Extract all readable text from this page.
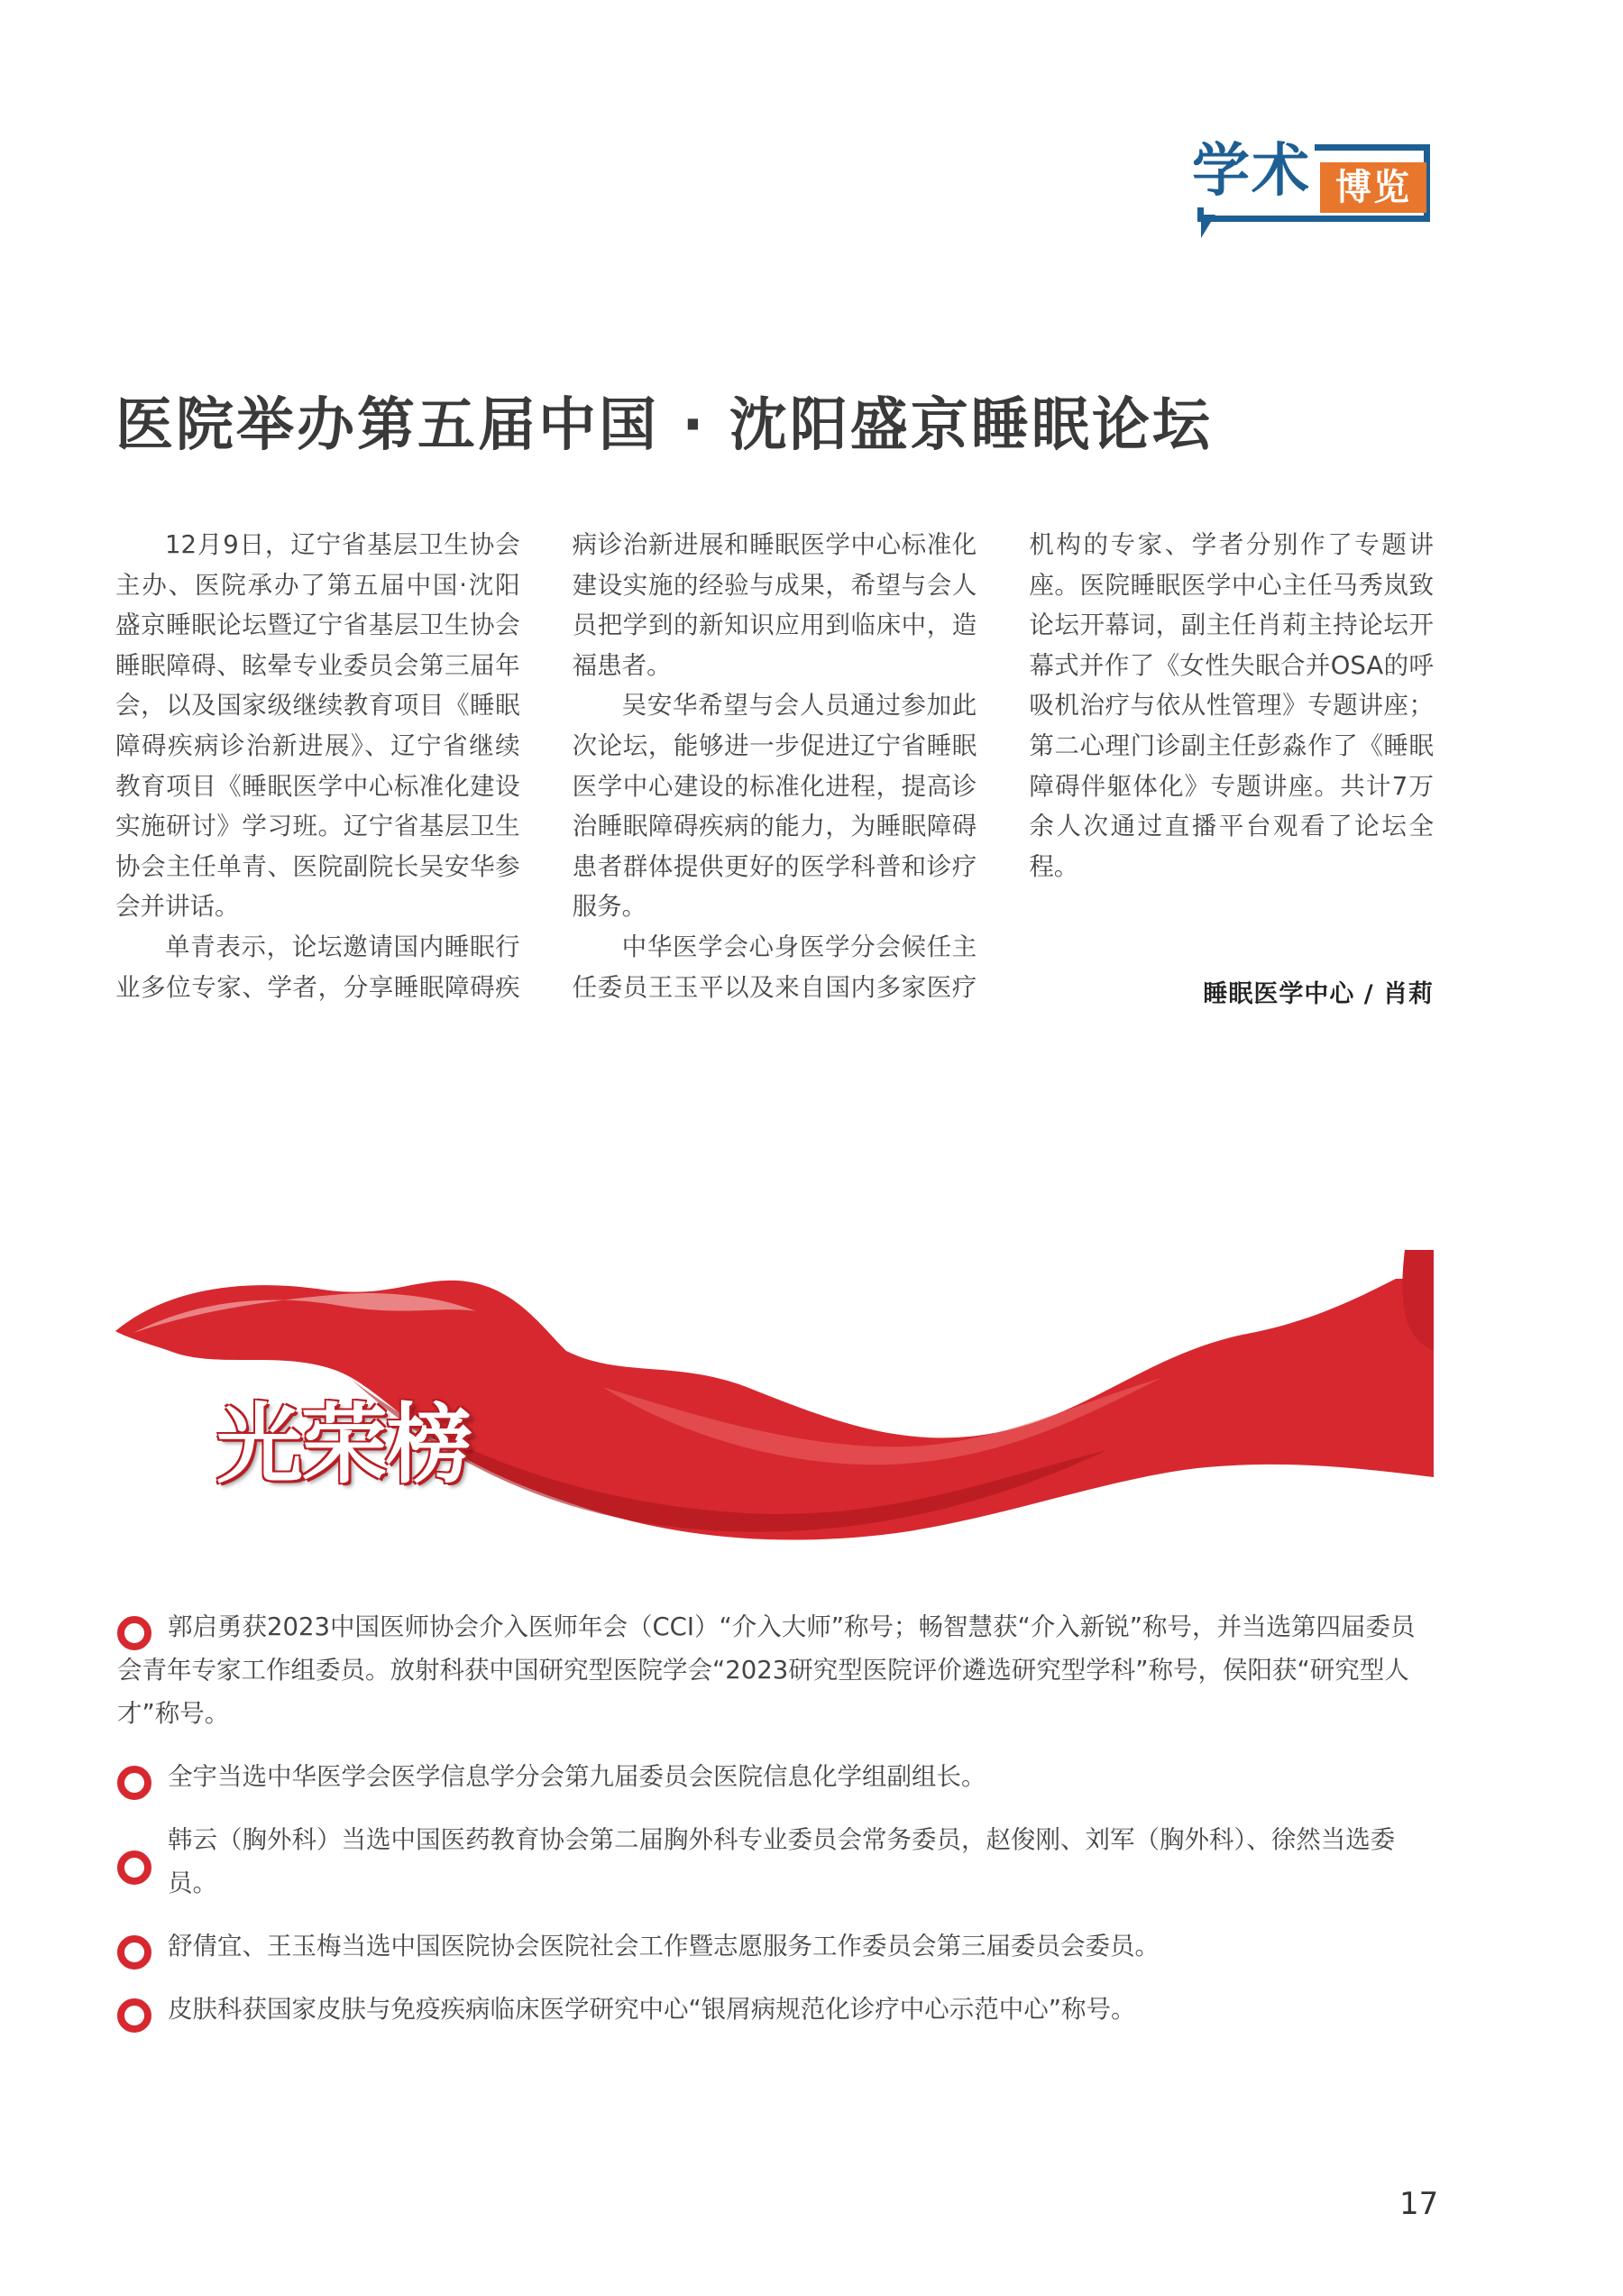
学术 博览
医院举办第五届中国 · 沈阳盛京睡眠论坛

12月9日，辽宁省基层卫生协会主办、医院承办了第五届中国·沈阳盛京睡眠论坛暨辽宁省基层卫生协会睡眠障碍、眩晕专业委员会第三届年会，以及国家级继续教育项目《睡眠障碍疾病诊治新进展》、辽宁省继续教育项目《睡眠医学中心标准化建设实施研讨》学习班。辽宁省基层卫生协会主任单青、医院副院长吴安华参会并讲话。

单青表示，论坛邀请国内睡眠行业多位专家、学者，分享睡眠障碍疾病诊治新进展和睡眠医学中心标准化建设实施的经验与成果，希望与会人员把学到的新知识应用到临床中，造福患者。

吴安华希望与会人员通过参加此次论坛，能够进一步促进辽宁省睡眠医学中心建设的标准化进程，提高诊治睡眠障碍疾病的能力，为睡眠障碍患者群体提供更好的医学科普和诊疗服务。

中华医学会心身医学分会候任主任委员王玉平以及来自国内多家医疗机构的专家、学者分别作了专题讲座。医院睡眠医学中心主任马秀岚致论坛开幕词，副主任肖莉主持论坛开幕式并作了《女性失眠合并OSA的呼吸机治疗与依从性管理》专题讲座；第二心理门诊副主任彭淼作了《睡眠障碍伴躯体化》专题讲座。共计7万余人次通过直播平台观看了论坛全程。

睡眠医学中心 / 肖莉
光荣榜
郭启勇获2023中国医师协会介入医师年会（CCI）“介入大师”称号；畅智慧获“介入新锐”称号，并当选第四届委员会青年专家工作组委员。放射科获中国研究型医院学会“2023研究型医院评价遴选研究型学科”称号，侯阳获“研究型人才”称号。
全宇当选中华医学会医学信息学分会第九届委员会医院信息化学组副组长。
韩云（胸外科）当选中国医药教育协会第二届胸外科专业委员会常务委员，赵俊刚、刘军（胸外科）、徐然当选委员。
舒倩宜、王玉梅当选中国医院协会医院社会工作暨志愿服务工作委员会第三届委员会委员。
皮肤科获国家皮肤与免疫疾病临床医学研究中心“银屑病规范化诊疗中心示范中心”称号。
17
